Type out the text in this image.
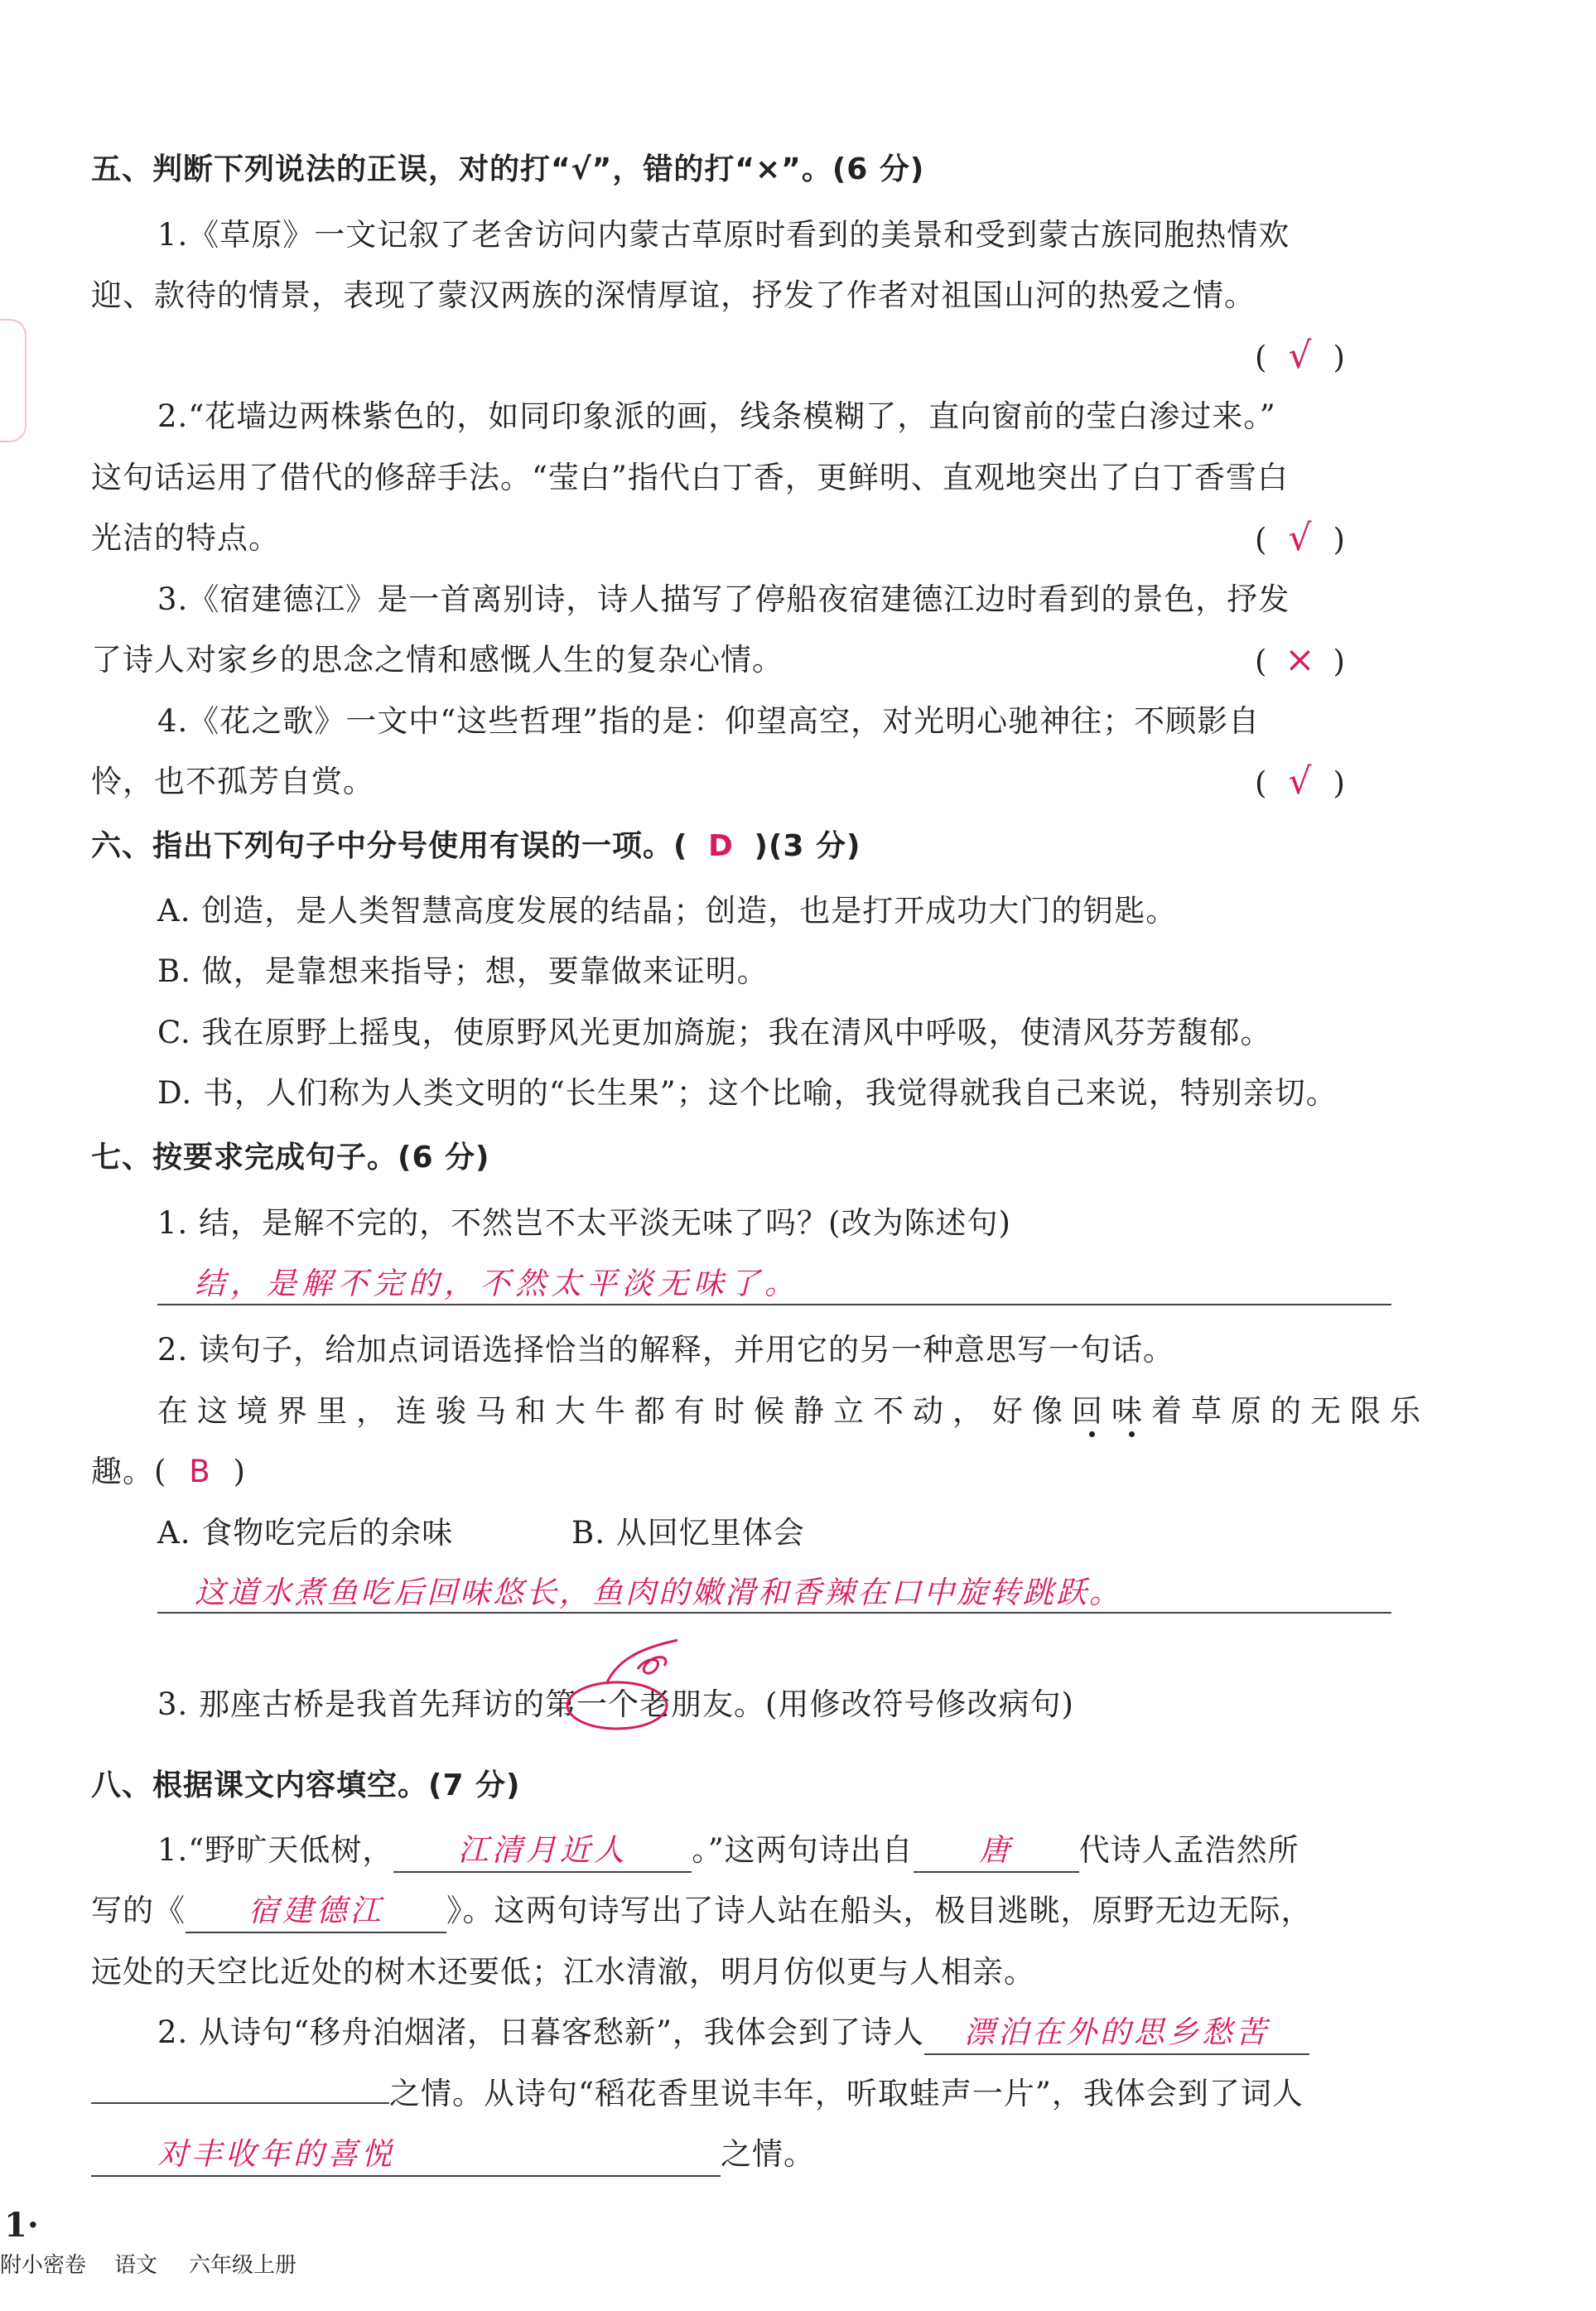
五、判断下列说法的正误，对的打“√”，错的打“×”。(6 分)
1.《草原》一文记叙了老舍访问内蒙古草原时看到的美景和受到蒙古族同胞热情欢
迎、款待的情景，表现了蒙汉两族的深情厚谊，抒发了作者对祖国山河的热爱之情。
( √ )
2.“花墙边两株紫色的，如同印象派的画，线条模糊了，直向窗前的莹白渗过来。”
这句话运用了借代的修辞手法。“莹白”指代白丁香，更鲜明、直观地突出了白丁香雪白
光洁的特点。	( √ )
3.《宿建德江》是一首离别诗，诗人描写了停船夜宿建德江边时看到的景色，抒发
了诗人对家乡的思念之情和感慨人生的复杂心情。	( × )
4.《花之歌》一文中“这些哲理”指的是：仰望高空，对光明心驰神往；不顾影自
怜，也不孤芳自赏。	( √ )
六、指出下列句子中分号使用有误的一项。( D )(3 分)
A. 创造，是人类智慧高度发展的结晶；创造，也是打开成功大门的钥匙。
B. 做，是靠想来指导；想，要靠做来证明。
C. 我在原野上摇曳，使原野风光更加旖旎；我在清风中呼吸，使清风芬芳馥郁。
D. 书，人们称为人类文明的“长生果”；这个比喻，我觉得就我自己来说，特别亲切。
七、按要求完成句子。(6 分)
1. 结，是解不完的，不然岂不太平淡无味了吗？(改为陈述句)
结，是解不完的，不然太平淡无味了。
2. 读句子，给加点词语选择恰当的解释，并用它的另一种意思写一句话。
在这境界里，连骏马和大牛都有时候静立不动，好像回味着草原的无限乐
趣。( B )
A. 食物吃完后的余味	B. 从回忆里体会
这道水煮鱼吃后回味悠长，鱼肉的嫩滑和香辣在口中旋转跳跃。
3. 那座古桥是我首先拜访的第一个老朋友。(用修改符号修改病句)
八、根据课文内容填空。(7 分)
1.“野旷天低树， 江清月近人 。”这两句诗出自 唐 代诗人孟浩然所
写的《 宿建德江 》。这两句诗写出了诗人站在船头，极目逃眺，原野无边无际，
远处的天空比近处的树木还要低；江水清澈，明月仿似更与人相亲。
2. 从诗句“移舟泊烟渚，日暮客愁新”，我体会到了诗人 漂泊在外的思乡愁苦
之情。从诗句“稻花香里说丰年，听取蛙声一片”，我体会到了词人
对丰收年的喜悦	之情。
1·
附小密卷 语文 六年级上册
